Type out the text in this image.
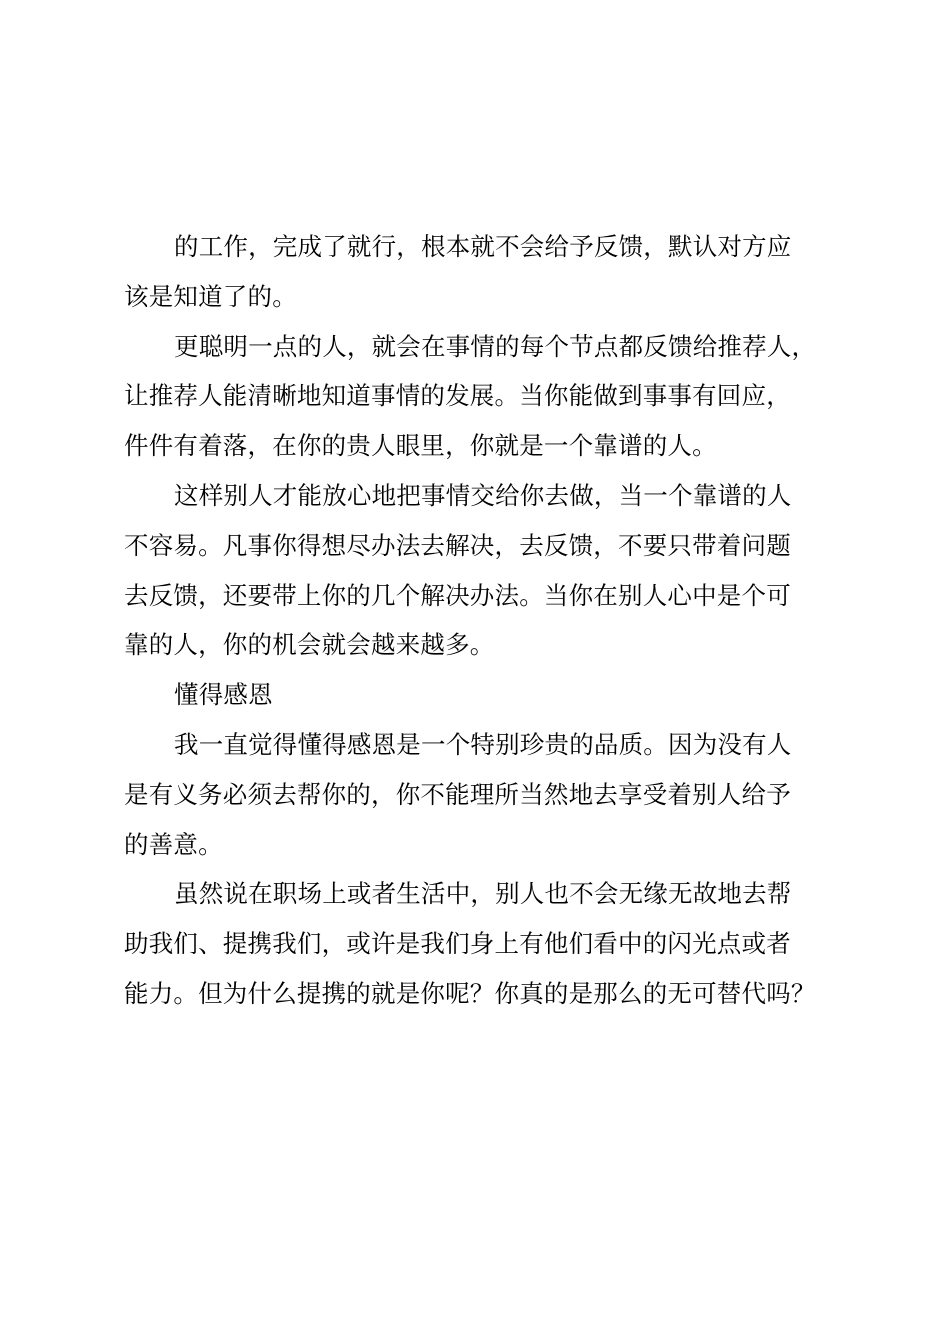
的工作，完成了就行，根本就不会给予反馈，默认对方应
该是知道了的。
更聪明一点的人，就会在事情的每个节点都反馈给推荐人，
让推荐人能清晰地知道事情的发展。当你能做到事事有回应，
件件有着落，在你的贵人眼里，你就是一个靠谱的人。
这样别人才能放心地把事情交给你去做，当一个靠谱的人
不容易。凡事你得想尽办法去解决，去反馈，不要只带着问题
去反馈，还要带上你的几个解决办法。当你在别人心中是个可
靠的人，你的机会就会越来越多。
懂得感恩
我一直觉得懂得感恩是一个特别珍贵的品质。因为没有人
是有义务必须去帮你的，你不能理所当然地去享受着别人给予
的善意。
虽然说在职场上或者生活中，别人也不会无缘无故地去帮
助我们、提携我们，或许是我们身上有他们看中的闪光点或者
能力。但为什么提携的就是你呢？你真的是那么的无可替代吗？
